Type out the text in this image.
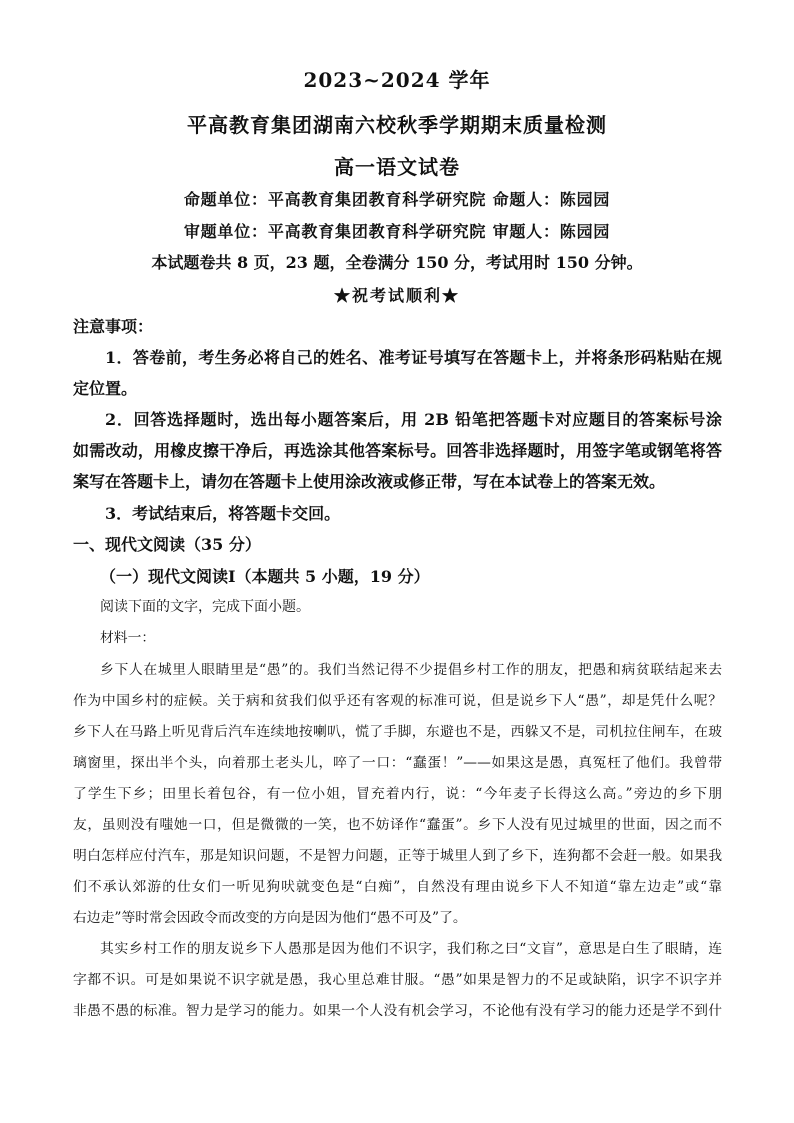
2023~2024 学年
平高教育集团湖南六校秋季学期期末质量检测
高一语文试卷
命题单位：平高教育集团教育科学研究院 命题人：陈园园
审题单位：平高教育集团教育科学研究院 审题人：陈园园
本试题卷共 8 页，23 题，全卷满分 150 分，考试用时 150 分钟。
★祝考试顺利★
注意事项：
1．答卷前，考生务必将自己的姓名、准考证号填写在答题卡上，并将条形码粘贴在规
定位置。
2．回答选择题时，选出每小题答案后，用 2B 铅笔把答题卡对应题目的答案标号涂
如需改动，用橡皮擦干净后，再选涂其他答案标号。回答非选择题时，用签字笔或钢笔将答
案写在答题卡上，请勿在答题卡上使用涂改液或修正带，写在本试卷上的答案无效。
3．考试结束后，将答题卡交回。
一、现代文阅读（35 分）
（一）现代文阅读Ⅰ（本题共 5 小题，19 分）
阅读下面的文字，完成下面小题。
材料一：
乡下人在城里人眼睛里是“愚”的。我们当然记得不少提倡乡村工作的朋友，把愚和病贫联结起来去
作为中国乡村的症候。关于病和贫我们似乎还有客观的标准可说，但是说乡下人“愚”，却是凭什么呢？
乡下人在马路上听见背后汽车连续地按喇叭，慌了手脚，东避也不是，西躲又不是，司机拉住闸车，在玻
璃窗里，探出半个头，向着那土老头儿，啐了一口：“蠢蛋！”——如果这是愚，真冤枉了他们。我曾带
了学生下乡；田里长着包谷，有一位小姐，冒充着内行，说：“今年麦子长得这么高。”旁边的乡下朋
友，虽则没有嗤她一口，但是微微的一笑，也不妨译作“蠢蛋”。乡下人没有见过城里的世面，因之而不
明白怎样应付汽车，那是知识问题，不是智力问题，正等于城里人到了乡下，连狗都不会赶一般。如果我
们不承认郊游的仕女们一听见狗吠就变色是“白痴”，自然没有理由说乡下人不知道“靠左边走”或“靠
右边走”等时常会因政令而改变的方向是因为他们“愚不可及”了。
其实乡村工作的朋友说乡下人愚那是因为他们不识字，我们称之曰“文盲”，意思是白生了眼睛，连
字都不识。可是如果说不识字就是愚，我心里总难甘服。“愚”如果是智力的不足或缺陷，识字不识字并
非愚不愚的标准。智力是学习的能力。如果一个人没有机会学习，不论他有没有学习的能力还是学不到什
